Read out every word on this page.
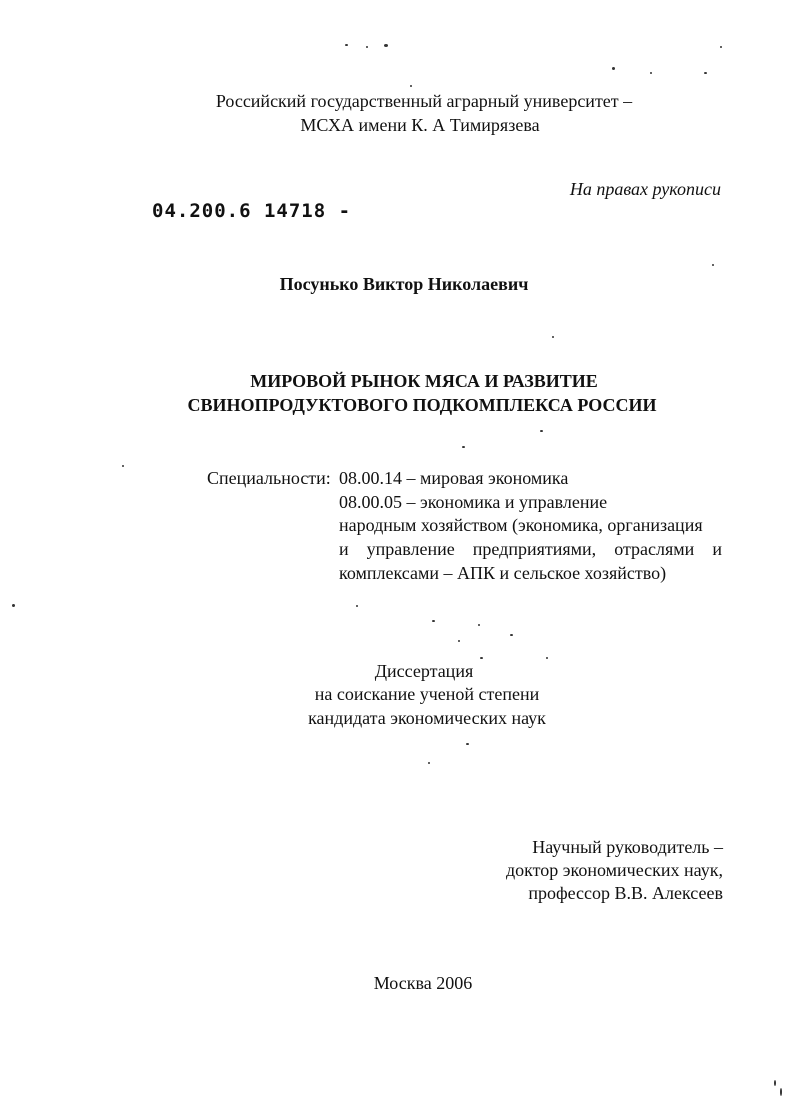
Российский государственный аграрный университет –
МСХА имени К. А Тимирязева
На правах рукописи
04.200.6 14718 -
Посунько Виктор Николаевич
МИРОВОЙ РЫНОК МЯСА И РАЗВИТИЕ
СВИНОПРОДУКТОВОГО ПОДКОМПЛЕКСА РОССИИ
Специальности: 08.00.14 – мировая экономика
08.00.05 – экономика и управление
народным хозяйством (экономика, организация
и управление предприятиями, отраслями и
комплексами – АПК и сельское хозяйство)
Диссертация
на соискание ученой степени
кандидата экономических наук
Научный руководитель –
доктор экономических наук,
профессор В.В. Алексеев
Москва 2006
